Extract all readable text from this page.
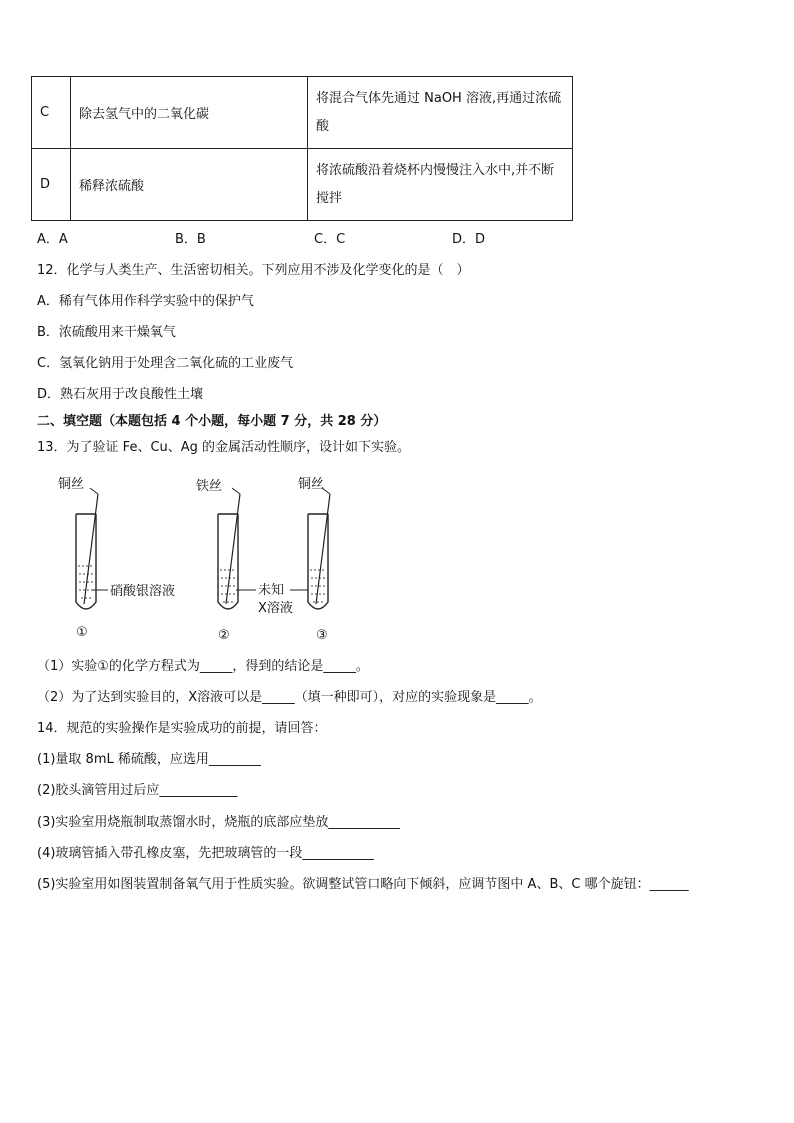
C	除去氢气中的二氧化碳	将混合气体先通过 NaOH 溶液,再通过浓硫酸
D	稀释浓硫酸	将浓硫酸沿着烧杯内慢慢注入水中,并不断搅拌
A．A	B．B	C．C	D．D
12．化学与人类生产、生活密切相关。下列应用不涉及化学变化的是（　）
A．稀有气体用作科学实验中的保护气
B．浓硫酸用来干燥氧气
C．氢氧化钠用于处理含二氧化硫的工业废气
D．熟石灰用于改良酸性土壤
二、填空题（本题包括 4 个小题，每小题 7 分，共 28 分）
13．为了验证 Fe、Cu、Ag 的金属活动性顺序，设计如下实验。
铜丝
硝酸银溶液
①
铁丝
未知
X溶液
②
铜丝
③
（1）实验①的化学方程式为_____，得到的结论是_____。
（2）为了达到实验目的，X溶液可以是_____（填一种即可），对应的实验现象是_____。
14．规范的实验操作是实验成功的前提，请回答：
(1)量取 8mL 稀硫酸，应选用________
(2)胶头滴管用过后应____________
(3)实验室用烧瓶制取蒸馏水时，烧瓶的底部应垫放___________
(4)玻璃管插入带孔橡皮塞，先把玻璃管的一段___________
(5)实验室用如图装置制备氧气用于性质实验。欲调整试管口略向下倾斜，应调节图中 A、B、C 哪个旋钮：______
